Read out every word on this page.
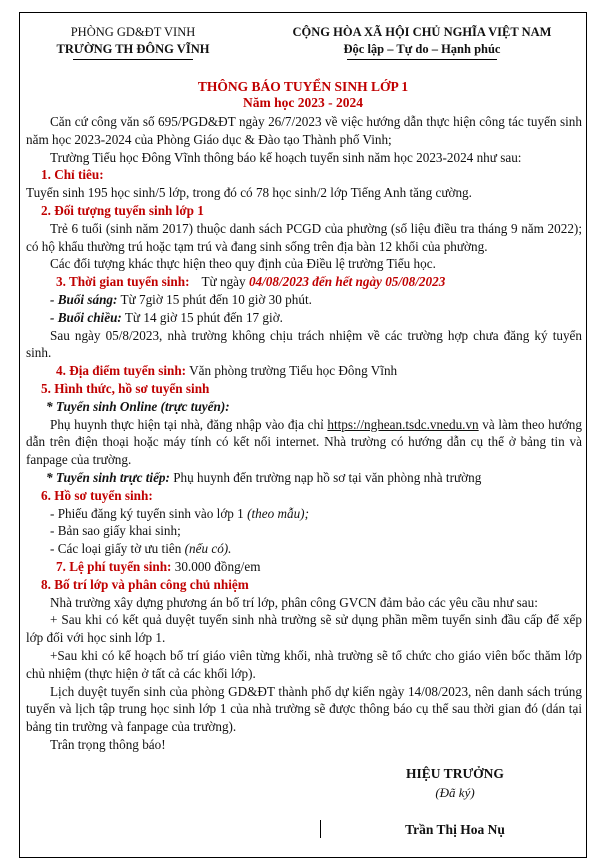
PHÒNG GD&ĐT VINH
TRƯỜNG TH ĐÔNG VĨNH
CỘNG HÒA XÃ HỘI CHỦ NGHĨA VIỆT NAM
Độc lập – Tự do – Hạnh phúc
THÔNG BÁO TUYỂN SINH LỚP 1
Năm học 2023 - 2024

Căn cứ công văn số 695/PGD&ĐT ngày 26/7/2023 về việc hướng dẫn thực hiện công tác tuyển sinh năm học 2023-2024 của Phòng Giáo dục & Đào tạo Thành phố Vinh;

Trường Tiểu học Đông Vĩnh thông báo kế hoạch tuyển sinh năm học 2023-2024 như sau:

1. Chỉ tiêu:

Tuyển sinh 195 học sinh/5 lớp, trong đó có 78 học sinh/2 lớp Tiếng Anh tăng cường.

2. Đối tượng tuyển sinh lớp 1

Trẻ 6 tuổi (sinh năm 2017) thuộc danh sách PCGD của phường (số liệu điều tra tháng 9 năm 2022); có hộ khẩu thường trú hoặc tạm trú và đang sinh sống trên địa bàn 12 khối của phường.

Các đối tượng khác thực hiện theo quy định của Điều lệ trường Tiểu học.

3. Thời gian tuyển sinh: Từ ngày 04/08/2023 đến hết ngày 05/08/2023

- Buổi sáng: Từ 7giờ 15 phút đến 10 giờ 30 phút.

- Buổi chiều: Từ 14 giờ 15 phút đến 17 giờ.

Sau ngày 05/8/2023, nhà trường không chịu trách nhiệm về các trường hợp chưa đăng ký tuyển sinh.

4. Địa điểm tuyển sinh: Văn phòng trường Tiểu học Đông Vĩnh

5. Hình thức, hồ sơ tuyển sinh

* Tuyển sinh Online (trực tuyến):

Phụ huynh thực hiện tại nhà, đăng nhập vào địa chỉ https://nghean.tsdc.vnedu.vn và làm theo hướng dẫn trên điện thoại hoặc máy tính có kết nối internet. Nhà trường có hướng dẫn cụ thể ở bảng tin và fanpage của trường.

* Tuyển sinh trực tiếp: Phụ huynh đến trường nạp hồ sơ tại văn phòng nhà trường

6. Hồ sơ tuyển sinh:

- Phiếu đăng ký tuyển sinh vào lớp 1 (theo mẫu);

- Bản sao giấy khai sinh;

- Các loại giấy tờ ưu tiên (nếu có).

7. Lệ phí tuyển sinh: 30.000 đồng/em

8. Bố trí lớp và phân công chủ nhiệm

Nhà trường xây dựng phương án bố trí lớp, phân công GVCN đảm bảo các yêu cầu như sau:

+ Sau khi có kết quả duyệt tuyển sinh nhà trường sẽ sử dụng phần mềm tuyển sinh đầu cấp để xếp lớp đối với học sinh lớp 1.

+Sau khi có kế hoạch bố trí giáo viên từng khối, nhà trường sẽ tổ chức cho giáo viên bốc thăm lớp chủ nhiệm (thực hiện ở tất cả các khối lớp).

Lịch duyệt tuyển sinh của phòng GD&ĐT thành phố dự kiến ngày 14/08/2023, nên danh sách trúng tuyển và lịch tập trung học sinh lớp 1 của nhà trường sẽ được thông báo cụ thể sau thời gian đó (dán tại bảng tin trường và fanpage của trường).

Trân trọng thông báo!

HIỆU TRƯỞNG
(Đã ký)
Trần Thị Hoa Nụ
